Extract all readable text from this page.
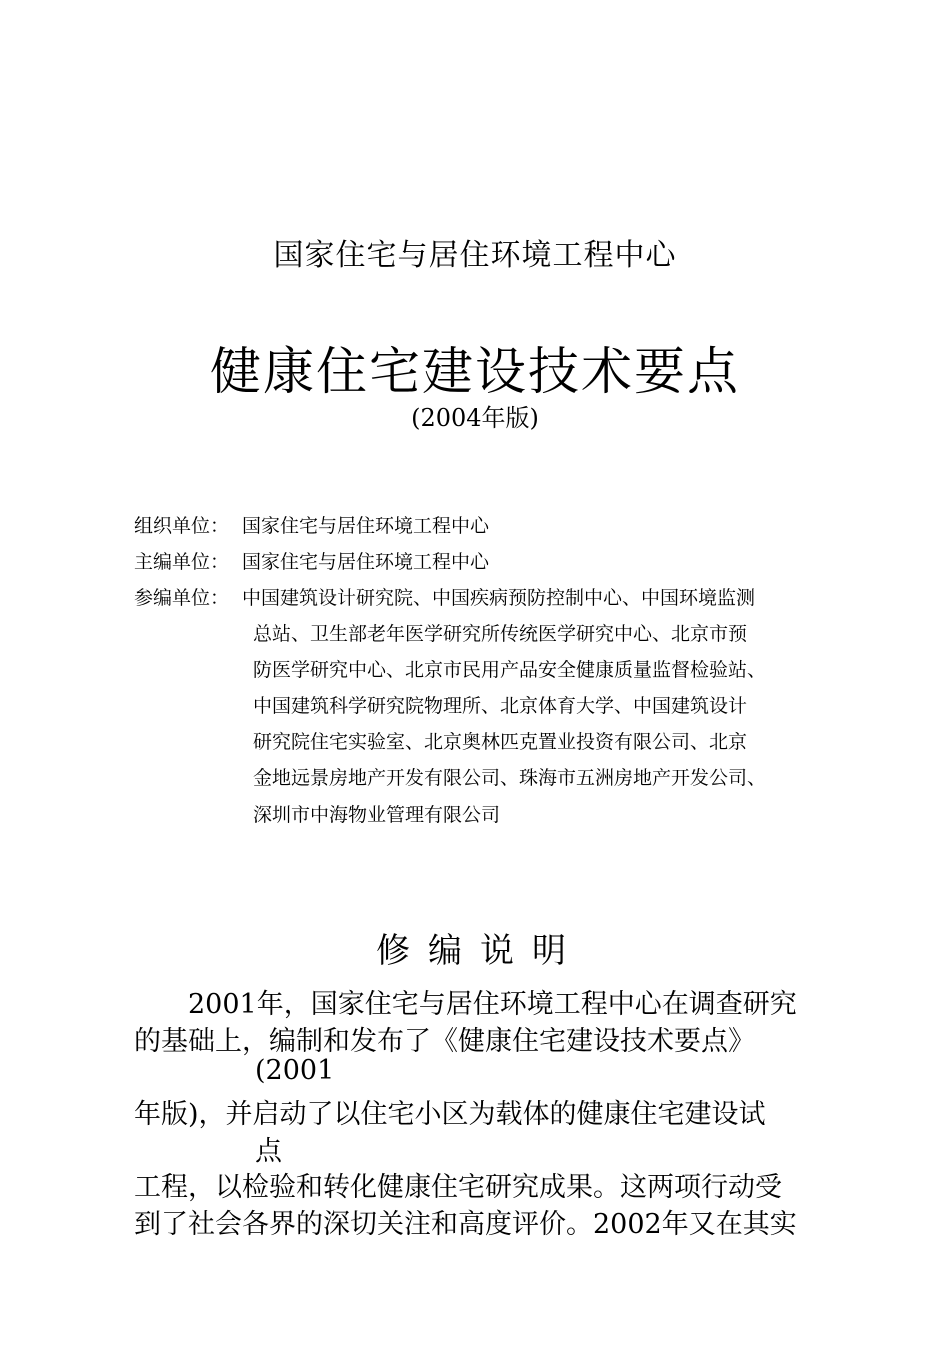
国家住宅与居住环境工程中心
健康住宅建设技术要点
(2004年版)
组织单位： 国家住宅与居住环境工程中心
主编单位： 国家住宅与居住环境工程中心
参编单位： 中国建筑设计研究院、中国疾病预防控制中心、中国环境监测
总站、卫生部老年医学研究所传统医学研究中心、北京市预
防医学研究中心、北京市民用产品安全健康质量监督检验站、
中国建筑科学研究院物理所、北京体育大学、中国建筑设计
研究院住宅实验室、北京奥林匹克置业投资有限公司、北京
金地远景房地产开发有限公司、珠海市五洲房地产开发公司、
深圳市中海物业管理有限公司
修编说明
2001年，国家住宅与居住环境工程中心在调查研究
的基础上，编制和发布了《健康住宅建设技术要点》
(2001
年版)，并启动了以住宅小区为载体的健康住宅建设试
点
工程，以检验和转化健康住宅研究成果。这两项行动受
到了社会各界的深切关注和高度评价。2002年又在其实
